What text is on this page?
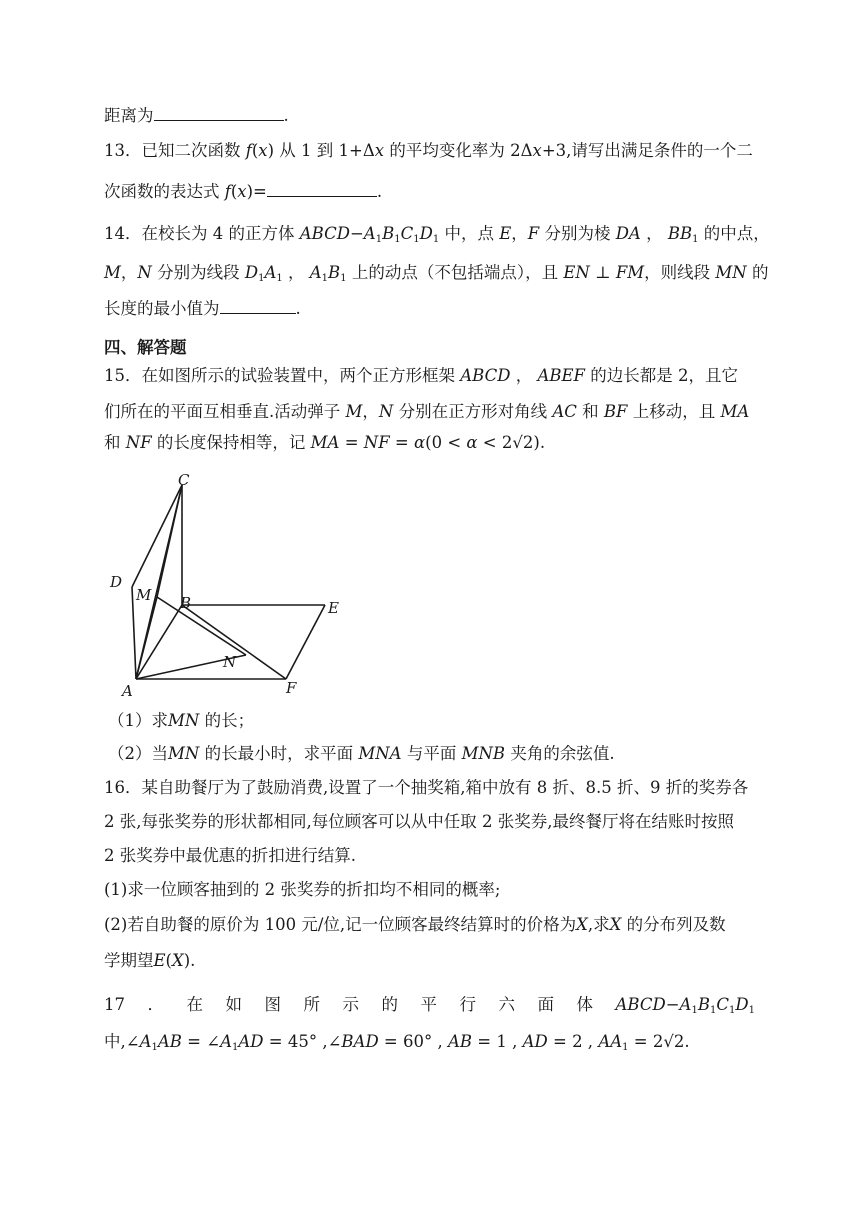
距离为	.
13．已知二次函数 f(x) 从 1 到 1+Δx 的平均变化率为 2Δx+3,请写出满足条件的一个二
次函数的表达式 f(x)=	.
14．在校长为 4 的正方体 $ABCD-A_1B_1C_1D_1$ 中，点 E，F 分别为棱 DA ， $BB_1$ 的中点，
M，N 分别为线段 $D_1A_1$ ， $A_1B_1$ 上的动点（不包括端点），且 EN ⊥ FM，则线段 MN 的
长度的最小值为	.
四、解答题
15．在如图所示的试验装置中，两个正方形框架 ABCD ， ABEF 的边长都是 2，且它
们所在的平面互相垂直.活动弹子 M，N 分别在正方形对角线 AC 和 BF 上移动，且 MA
和 NF 的长度保持相等，记 MA = NF = α(0 < α < 2√2).
C
D
M B	E
N
A	F
（1）求MN 的长；
（2）当MN 的长最小时，求平面 MNA 与平面 MNB 夹角的余弦值.
16．某自助餐厅为了鼓励消费,设置了一个抽奖箱,箱中放有 8 折、8.5 折、9 折的奖券各
2 张,每张奖券的形状都相同,每位顾客可以从中任取 2 张奖券,最终餐厅将在结账时按照
2 张奖券中最优惠的折扣进行结算.
(1)求一位顾客抽到的 2 张奖券的折扣均不相同的概率;
(2)若自助餐的原价为 100 元/位,记一位顾客最终结算时的价格为X,求X 的分布列及数
学期望E(X).
17 ． 在 如 图 所 示 的 平 行 六 面 体 $ABCD-A_1B_1C_1D_1$
中$,\angle A_1AB$ = $\angle A_1AD = 45^\circ$ ,∠BAD = 60° , AB = 1 , AD = 2 , $AA_1 = 2√2$.
